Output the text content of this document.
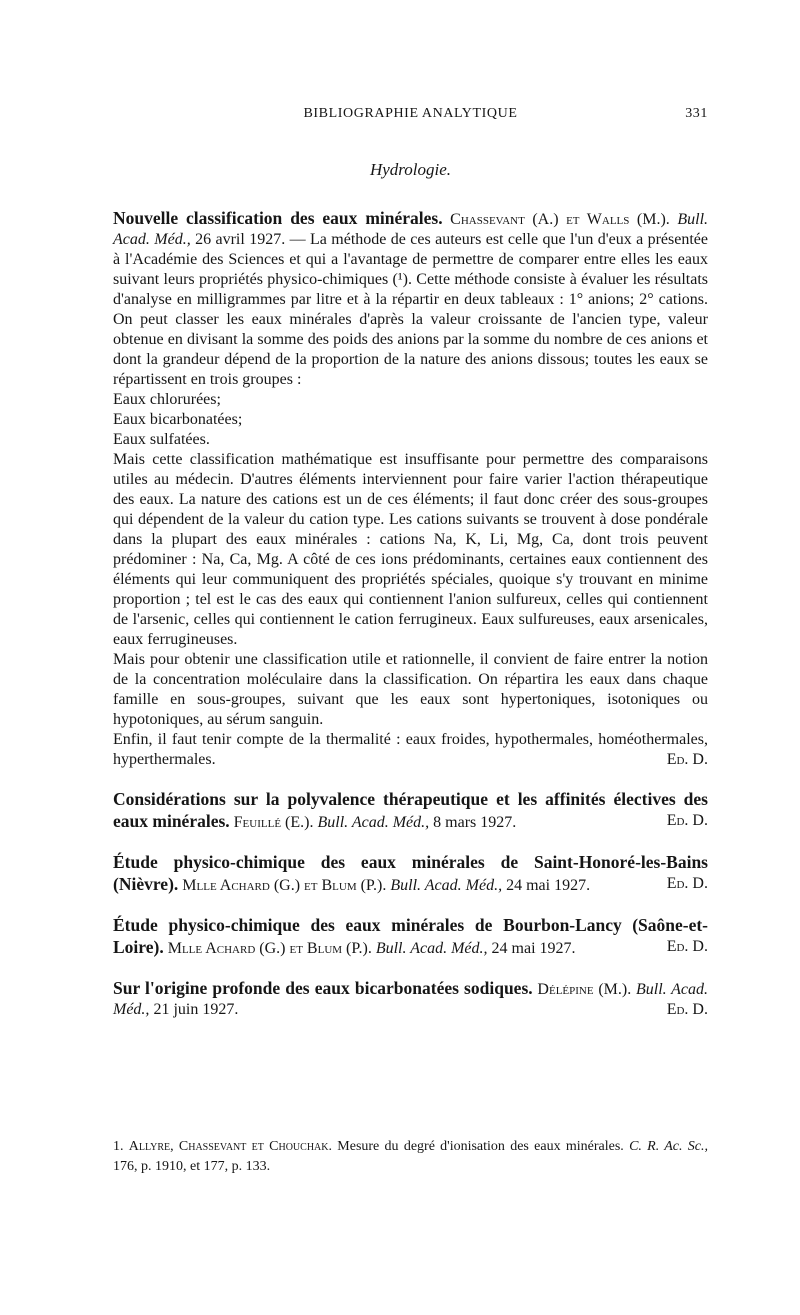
BIBLIOGRAPHIE ANALYTIQUE	331
Hydrologie.

Nouvelle classification des eaux minérales. Chassevant (A.) et Walls (M.). Bull. Acad. Méd., 26 avril 1927. — La méthode de ces auteurs est celle que l'un d'eux a présentée à l'Académie des Sciences et qui a l'avantage de permettre de comparer entre elles les eaux suivant leurs propriétés physico-chimiques (¹). Cette méthode consiste à évaluer les résultats d'analyse en milligrammes par litre et à la répartir en deux tableaux : 1° anions; 2° cations. On peut classer les eaux minérales d'après la valeur croissante de l'ancien type, valeur obtenue en divisant la somme des poids des anions par la somme du nombre de ces anions et dont la grandeur dépend de la proportion de la nature des anions dissous; toutes les eaux se répartissent en trois groupes :

Eaux chlorurées;

Eaux bicarbonatées;

Eaux sulfatées.

Mais cette classification mathématique est insuffisante pour permettre des comparaisons utiles au médecin. D'autres éléments interviennent pour faire varier l'action thérapeutique des eaux. La nature des cations est un de ces éléments; il faut donc créer des sous-groupes qui dépendent de la valeur du cation type. Les cations suivants se trouvent à dose pondérale dans la plupart des eaux minérales : cations Na, K, Li, Mg, Ca, dont trois peuvent prédominer : Na, Ca, Mg. A côté de ces ions prédominants, certaines eaux contiennent des éléments qui leur communiquent des propriétés spéciales, quoique s'y trouvant en minime proportion ; tel est le cas des eaux qui contiennent l'anion sulfureux, celles qui contiennent de l'arsenic, celles qui contiennent le cation ferrugineux. Eaux sulfureuses, eaux arsenicales, eaux ferrugineuses.

Mais pour obtenir une classification utile et rationnelle, il convient de faire entrer la notion de la concentration moléculaire dans la classification. On répartira les eaux dans chaque famille en sous-groupes, suivant que les eaux sont hypertoniques, isotoniques ou hypotoniques, au sérum sanguin.

Enfin, il faut tenir compte de la thermalité : eaux froides, hypothermales, homéothermales, hyperthermales.	Ed. D.

Considérations sur la polyvalence thérapeutique et les affinités électives des eaux minérales. Feuillé (E.). Bull. Acad. Méd., 8 mars 1927.	Ed. D.

Étude physico-chimique des eaux minérales de Saint-Honoré-les-Bains (Nièvre). Mlle Achard (G.) et Blum (P.). Bull. Acad. Méd., 24 mai 1927.	Ed. D.

Étude physico-chimique des eaux minérales de Bourbon-Lancy (Saône-et-Loire). Mlle Achard (G.) et Blum (P.). Bull. Acad. Méd., 24 mai 1927.	Ed. D.

Sur l'origine profonde des eaux bicarbonatées sodiques. Délépine (M.). Bull. Acad. Méd., 21 juin 1927.	Ed. D.

1. Allyre, Chassevant et Chouchak. Mesure du degré d'ionisation des eaux minérales. C. R. Ac. Sc., 176, p. 1910, et 177, p. 133.
